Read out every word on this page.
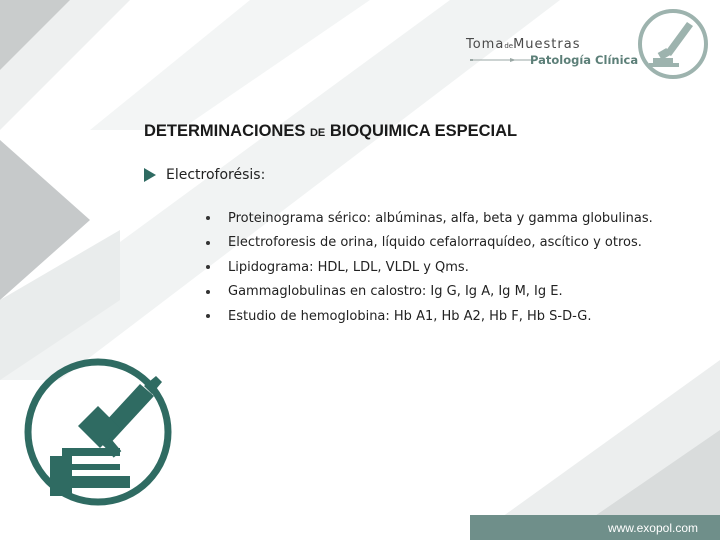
TomadeMuestras
Patología Clínica
DETERMINACIONES DE BIOQUIMICA ESPECIAL
Electroforésis:
Proteinograma sérico: albúminas, alfa, beta y gamma globulinas.
Electroforesis de orina, líquido cefalorraquídeo, ascítico y otros.
Lipidograma: HDL, LDL, VLDL y Qms.
Gammaglobulinas en calostro: Ig G, Ig A, Ig M, Ig E.
Estudio de hemoglobina: Hb A1, Hb A2, Hb F, Hb S-D-G.
www.exopol.com
